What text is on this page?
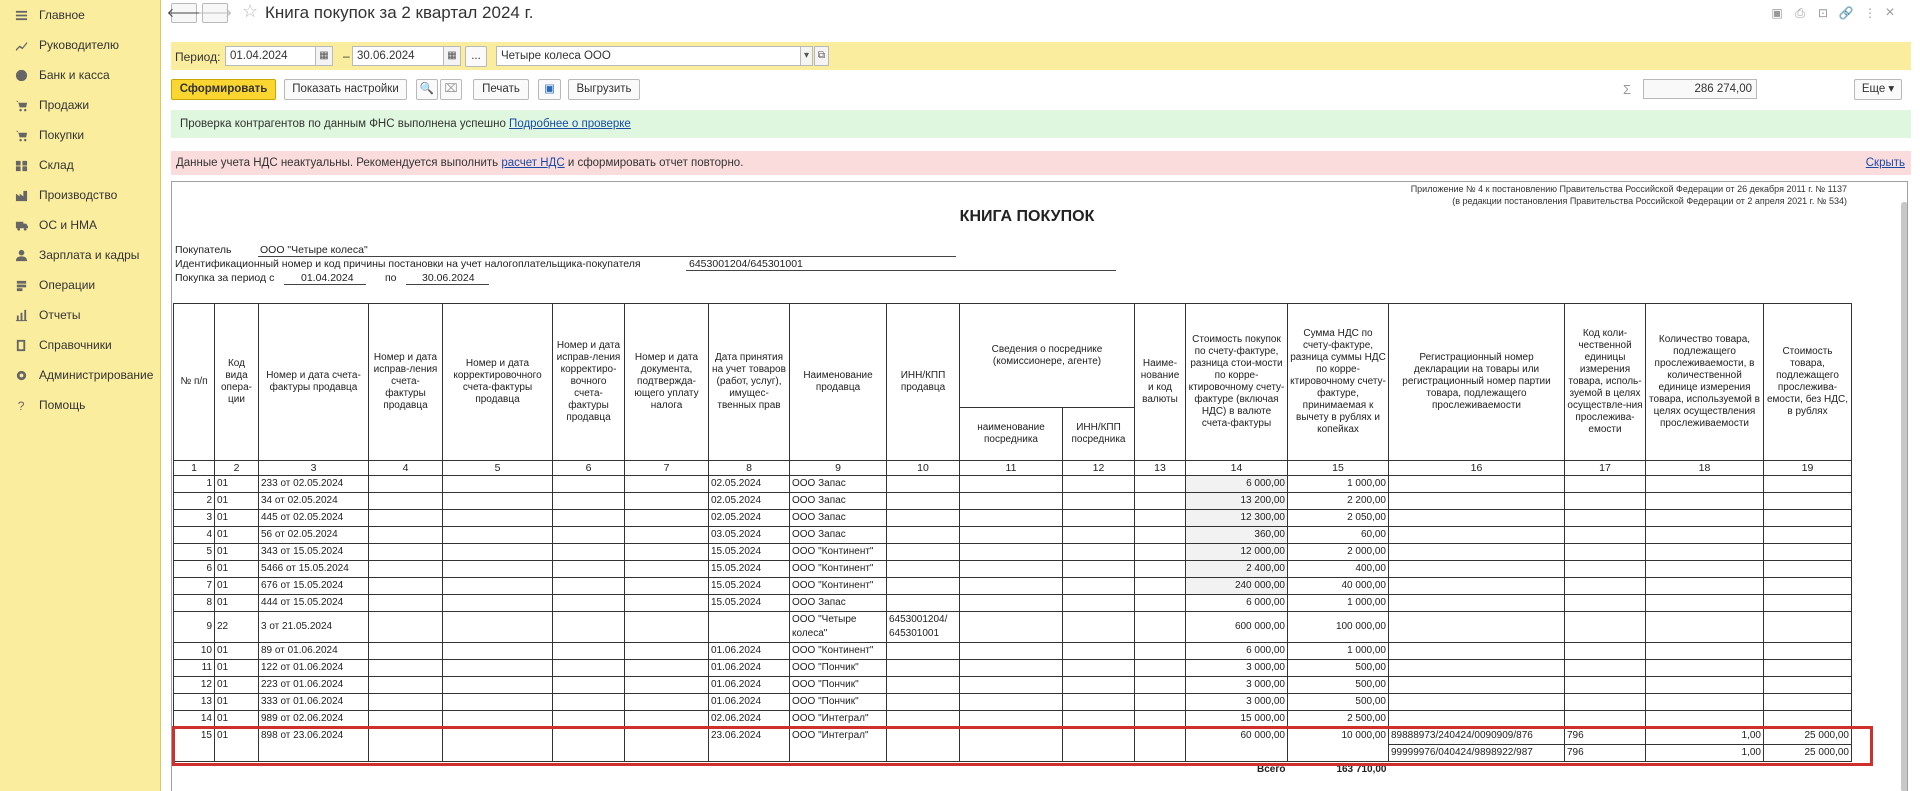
Главное
Руководителю
Банк и касса
Продажи
Покупки
Склад
Производство
ОС и НМА
Зарплата и кадры
Операции
Отчеты
Справочники
Администрирование
? Помощь
🡐
🡒 ☆ Книга покупок за 2 квартал 2024 г.	▣ ⎙ ⊡ 🔗 ⋮ ×
Период: 01.04.2024	▦	– 30.06.2024	▦	...	Четыре колеса ООО	▾ ⧉
Сформировать	Показать настройки	🔍 ⌧	Печать	▣	Выгрузить	Σ	286 274,00	Еще ▾
Проверка контрагентов по данным ФНС выполнена успешно Подробнее о проверке
Данные учета НДС неактуальны. Рекомендуется выполнить расчет НДС и сформировать отчет повторно.	Скрыть
Приложение № 4 к постановлению Правительства Российской Федерации от 26 декабря 2011 г. № 1137
(в редакции постановления Правительства Российской Федерации от 2 апреля 2021 г. № 534)
КНИГА ПОКУПОК
Покупатель	ООО "Четыре колеса"
Идентификационный номер и код причины постановки на учет налогоплательщика-покупателя	6453001204/645301001
Покупка за период с	01.04.2024	по 30.06.2024
№ п/п	Код вида опера-ции	Номер и дата счета-фактуры продавца	Номер и дата исправ-ления счета-фактуры продавца	Номер и дата корректировочного счета-фактуры продавца	Номер и дата исправ-ления корректиро-вочного счета-фактуры продавца	Номер и дата документа, подтвержда-ющего уплату налога	Дата принятия на учет товаров (работ, услуг), имущес-твенных прав	Наименование продавца	ИНН/КПП продавца	Сведения о посреднике (комиссионере, агенте)		Наиме-нование и код валюты	Стоимость покупок по счету-фактуре, разница стои-мости по корре-ктировочному счету-фактуре (включая НДС) в валюте счета-фактуры	Сумма НДС по счету-фактуре, разница суммы НДС по корре-ктировочному счету-фактуре, принимаемая к вычету в рублях и копейках	Регистрационный номер декларации на товары или регистрационный номер партии товара, подлежащего прослеживаемости	Код коли-чественной единицы измерения товара, исполь-зуемой в целях осуществле-ния прослежива-емости	Количество товара, подлежащего прослеживаемости, в количественной единице измерения товара, используемой в целях осуществления прослеживаемости	Стоимость товара, подлежащего прослежива-емости, без НДС, в рублях
										наименование посредника	ИНН/КПП посредника							
1	2	3	4	5	6	7	8	9	10	11	12	13	14	15	16	17	18	19
1	01	233 от 02.05.2024					02.05.2024	ООО Запас					6 000,00	1 000,00				
2	01	34 от 02.05.2024					02.05.2024	ООО Запас					13 200,00	2 200,00				
3	01	445 от 02.05.2024					02.05.2024	ООО Запас					12 300,00	2 050,00				
4	01	56 от 02.05.2024					03.05.2024	ООО Запас					360,00	60,00				
5	01	343 от 15.05.2024					15.05.2024	ООО "Континент"					12 000,00	2 000,00				
6	01	5466 от 15.05.2024					15.05.2024	ООО "Континент"					2 400,00	400,00				
7	01	676 от 15.05.2024					15.05.2024	ООО "Континент"					240 000,00	40 000,00				
8	01	444 от 15.05.2024					15.05.2024	ООО Запас					6 000,00	1 000,00				
9	22	3 от 21.05.2024						ООО "Четыре колеса"	6453001204/ 645301001				600 000,00	100 000,00				
10	01	89 от 01.06.2024					01.06.2024	ООО "Континент"					6 000,00	1 000,00				
11	01	122 от 01.06.2024					01.06.2024	ООО "Пончик"					3 000,00	500,00				
12	01	223 от 01.06.2024					01.06.2024	ООО "Пончик"					3 000,00	500,00				
13	01	333 от 01.06.2024					01.06.2024	ООО "Пончик"					3 000,00	500,00				
14	01	989 от 02.06.2024					02.06.2024	ООО "Интеграл"					15 000,00	2 500,00				
15	01	898 от 23.06.2024					23.06.2024	ООО "Интеграл"					60 000,00	10 000,00	89888973/240424/0090909/876	796	1,00	25 000,00
															99999976/040424/9898922/987	796	1,00	25 000,00
Всего														163 710,00				
